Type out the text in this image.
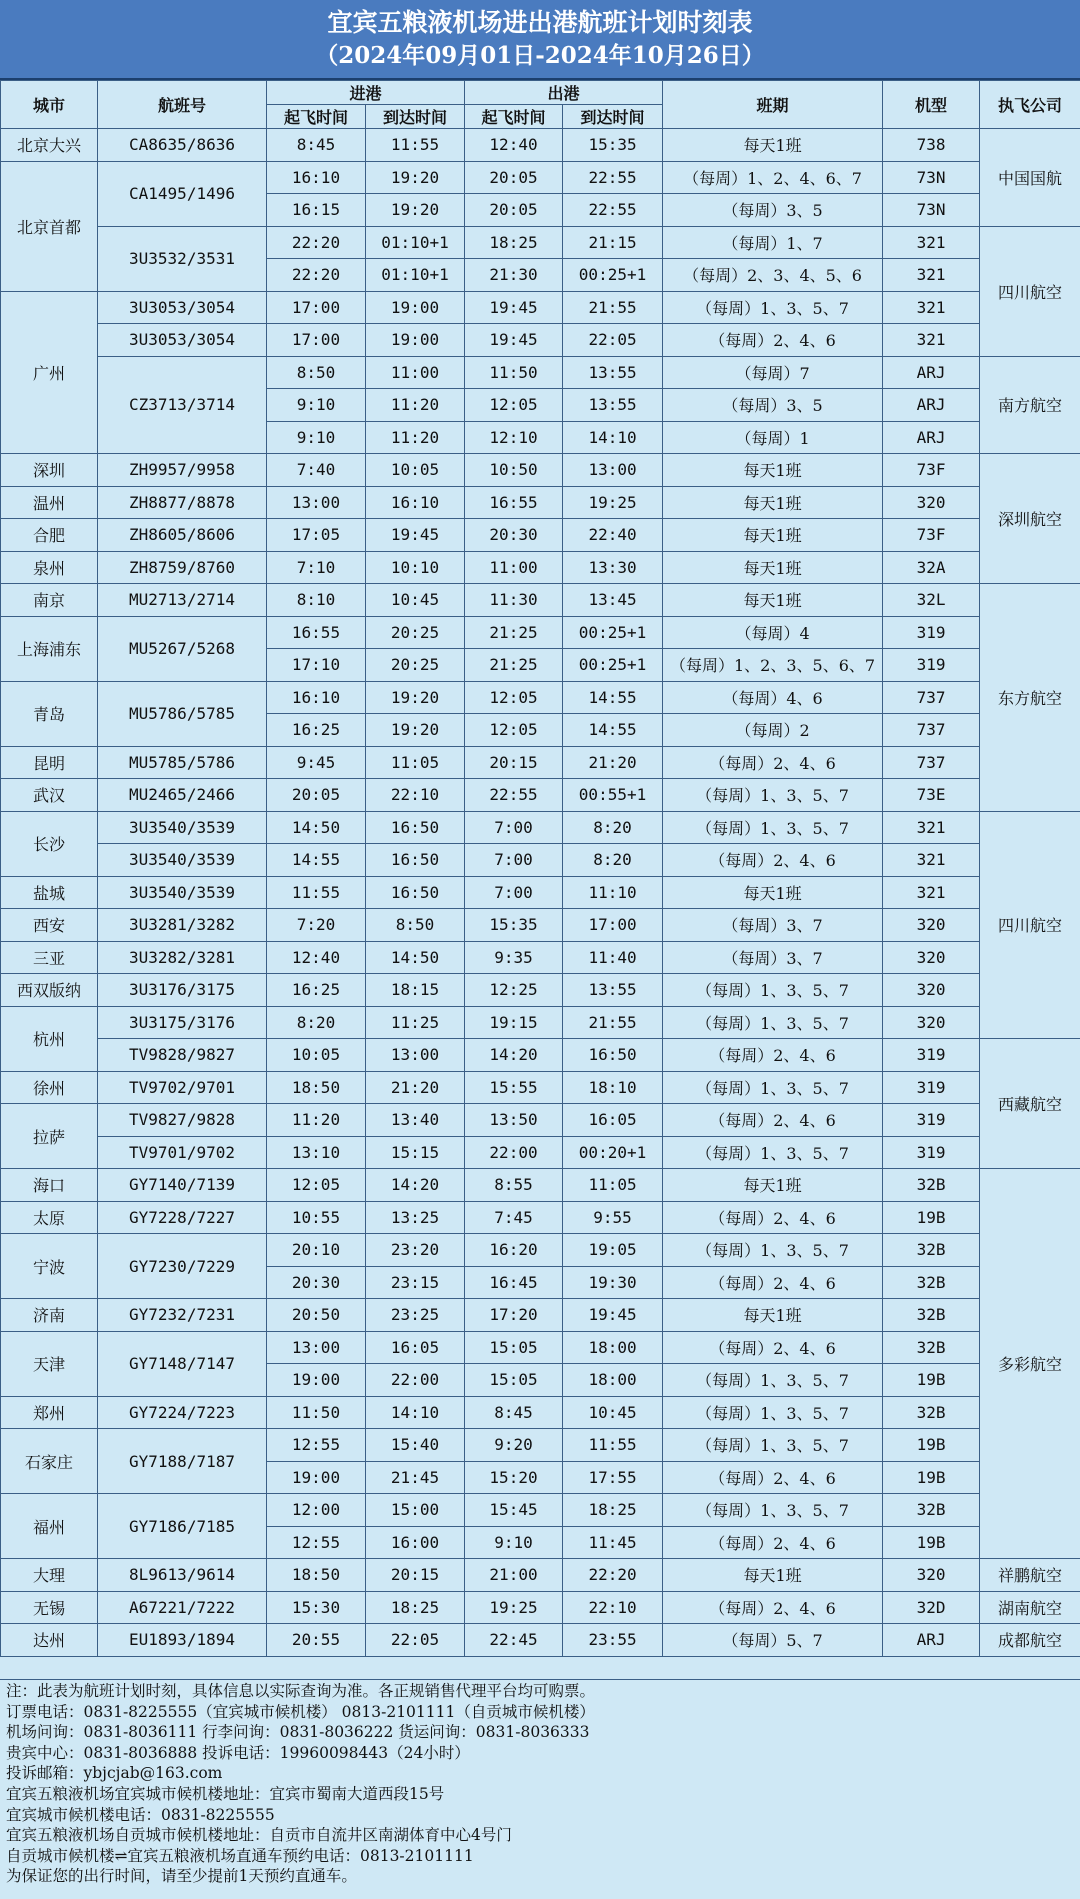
宜宾五粮液机场进出港航班计划时刻表
（2024年09月01日-2024年10月26日）
城市	航班号	进港		出港		班期	机型	执飞公司
		起飞时间	到达时间	起飞时间	到达时间			
北京大兴	CA8635/8636	8:45	11:55	12:40	15:35	每天1班	738	中国国航
北京首都	CA1495/1496	16:10	19:20	20:05	22:55	（每周）1、2、4、6、7	73N	
		16:15	19:20	20:05	22:55	（每周）3、5	73N	
	3U3532/3531	22:20	01:10+1	18:25	21:15	（每周）1、7	321	四川航空
		22:20	01:10+1	21:30	00:25+1	（每周）2、3、4、5、6	321	
广州	3U3053/3054	17:00	19:00	19:45	21:55	（每周）1、3、5、7	321	
	3U3053/3054	17:00	19:00	19:45	22:05	（每周）2、4、6	321	
	CZ3713/3714	8:50	11:00	11:50	13:55	（每周）7	ARJ	南方航空
		9:10	11:20	12:05	13:55	（每周）3、5	ARJ	
		9:10	11:20	12:10	14:10	（每周）1	ARJ	
深圳	ZH9957/9958	7:40	10:05	10:50	13:00	每天1班	73F	深圳航空
温州	ZH8877/8878	13:00	16:10	16:55	19:25	每天1班	320	
合肥	ZH8605/8606	17:05	19:45	20:30	22:40	每天1班	73F	
泉州	ZH8759/8760	7:10	10:10	11:00	13:30	每天1班	32A	
南京	MU2713/2714	8:10	10:45	11:30	13:45	每天1班	32L	东方航空
上海浦东	MU5267/5268	16:55	20:25	21:25	00:25+1	（每周）4	319	
		17:10	20:25	21:25	00:25+1	（每周）1、2、3、5、6、7	319	
青岛	MU5786/5785	16:10	19:20	12:05	14:55	（每周）4、6	737	
		16:25	19:20	12:05	14:55	（每周）2	737	
昆明	MU5785/5786	9:45	11:05	20:15	21:20	（每周）2、4、6	737	
武汉	MU2465/2466	20:05	22:10	22:55	00:55+1	（每周）1、3、5、7	73E	
长沙	3U3540/3539	14:50	16:50	7:00	8:20	（每周）1、3、5、7	321	四川航空
	3U3540/3539	14:55	16:50	7:00	8:20	（每周）2、4、6	321	
盐城	3U3540/3539	11:55	16:50	7:00	11:10	每天1班	321	
西安	3U3281/3282	7:20	8:50	15:35	17:00	（每周）3、7	320	
三亚	3U3282/3281	12:40	14:50	9:35	11:40	（每周）3、7	320	
西双版纳	3U3176/3175	16:25	18:15	12:25	13:55	（每周）1、3、5、7	320	
杭州	3U3175/3176	8:20	11:25	19:15	21:55	（每周）1、3、5、7	320	
	TV9828/9827	10:05	13:00	14:20	16:50	（每周）2、4、6	319	西藏航空
徐州	TV9702/9701	18:50	21:20	15:55	18:10	（每周）1、3、5、7	319	
拉萨	TV9827/9828	11:20	13:40	13:50	16:05	（每周）2、4、6	319	
	TV9701/9702	13:10	15:15	22:00	00:20+1	（每周）1、3、5、7	319	
海口	GY7140/7139	12:05	14:20	8:55	11:05	每天1班	32B	多彩航空
太原	GY7228/7227	10:55	13:25	7:45	9:55	（每周）2、4、6	19B	
宁波	GY7230/7229	20:10	23:20	16:20	19:05	（每周）1、3、5、7	32B	
		20:30	23:15	16:45	19:30	（每周）2、4、6	32B	
济南	GY7232/7231	20:50	23:25	17:20	19:45	每天1班	32B	
天津	GY7148/7147	13:00	16:05	15:05	18:00	（每周）2、4、6	32B	
		19:00	22:00	15:05	18:00	（每周）1、3、5、7	19B	
郑州	GY7224/7223	11:50	14:10	8:45	10:45	（每周）1、3、5、7	32B	
石家庄	GY7188/7187	12:55	15:40	9:20	11:55	（每周）1、3、5、7	19B	
		19:00	21:45	15:20	17:55	（每周）2、4、6	19B	
福州	GY7186/7185	12:00	15:00	15:45	18:25	（每周）1、3、5、7	32B	
		12:55	16:00	9:10	11:45	（每周）2、4、6	19B	
大理	8L9613/9614	18:50	20:15	21:00	22:20	每天1班	320	祥鹏航空
无锡	A67221/7222	15:30	18:25	19:25	22:10	（每周）2、4、6	32D	湖南航空
达州	EU1893/1894	20:55	22:05	22:45	23:55	（每周）5、7	ARJ	成都航空
注：此表为航班计划时刻，具体信息以实际查询为准。各正规销售代理平台均可购票。
订票电话：0831-8225555（宜宾城市候机楼） 0813-2101111（自贡城市候机楼）
机场问询：0831-8036111 行李问询：0831-8036222 货运问询：0831-8036333
贵宾中心：0831-8036888 投诉电话：19960098443（24小时）
投诉邮箱：ybjcjab@163.com
宜宾五粮液机场宜宾城市候机楼地址：宜宾市蜀南大道西段15号
宜宾城市候机楼电话：0831-8225555
宜宾五粮液机场自贡城市候机楼地址：自贡市自流井区南湖体育中心4号门
自贡城市候机楼⇌宜宾五粮液机场直通车预约电话：0813-2101111
为保证您的出行时间，请至少提前1天预约直通车。
